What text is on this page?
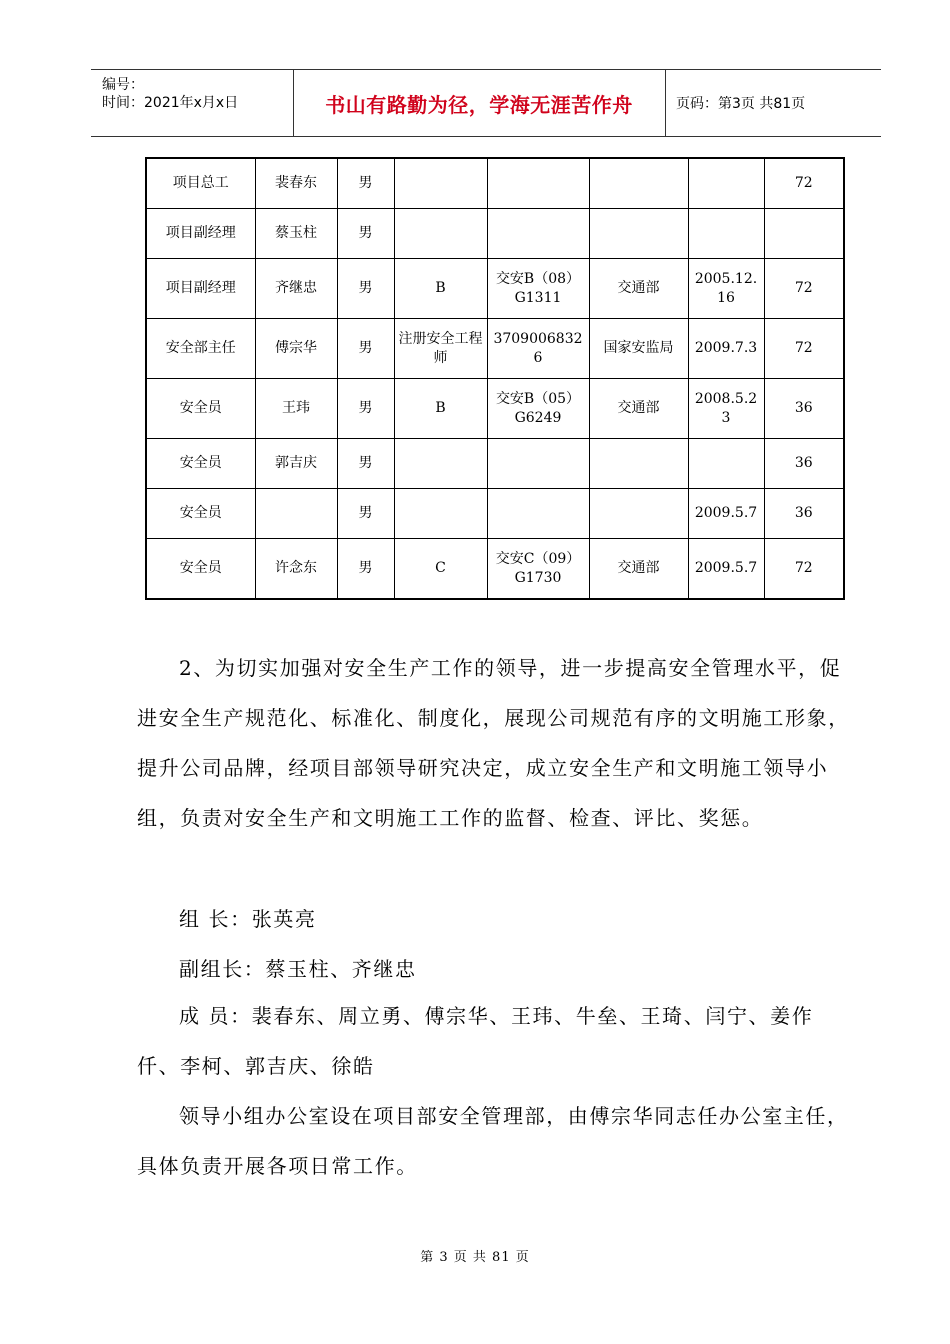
编号：
时间：2021年x月x日	书山有路勤为径，学海无涯苦作舟	页码：第3页 共81页
项目总工	裴春东	男					72
项目副经理	蔡玉柱	男					
项目副经理	齐继忠	男	B	交安B（08）G1311	交通部	2005.12.16	72
安全部主任	傅宗华	男	注册安全工程师	37090068326	国家安监局	2009.7.3	72
安全员	王玮	男	B	交安B（05）G6249	交通部	2008.5.23	36
安全员	郭吉庆	男					36
安全员		男				2009.5.7	36
安全员	许念东	男	C	交安C（09）G1730	交通部	2009.5.7	72

2、为切实加强对安全生产工作的领导，进一步提高安全管理水平，促进安全生产规范化、标准化、制度化，展现公司规范有序的文明施工形象，提升公司品牌，经项目部领导研究决定，成立安全生产和文明施工领导小组，负责对安全生产和文明施工工作的监督、检查、评比、奖惩。

组 长：张英亮
副组长：蔡玉柱、齐继忠

成 员：裴春东、周立勇、傅宗华、王玮、牛垒、王琦、闫宁、姜作仟、李柯、郭吉庆、徐皓

领导小组办公室设在项目部安全管理部，由傅宗华同志任办公室主任，具体负责开展各项日常工作。

第 3 页 共 81 页
